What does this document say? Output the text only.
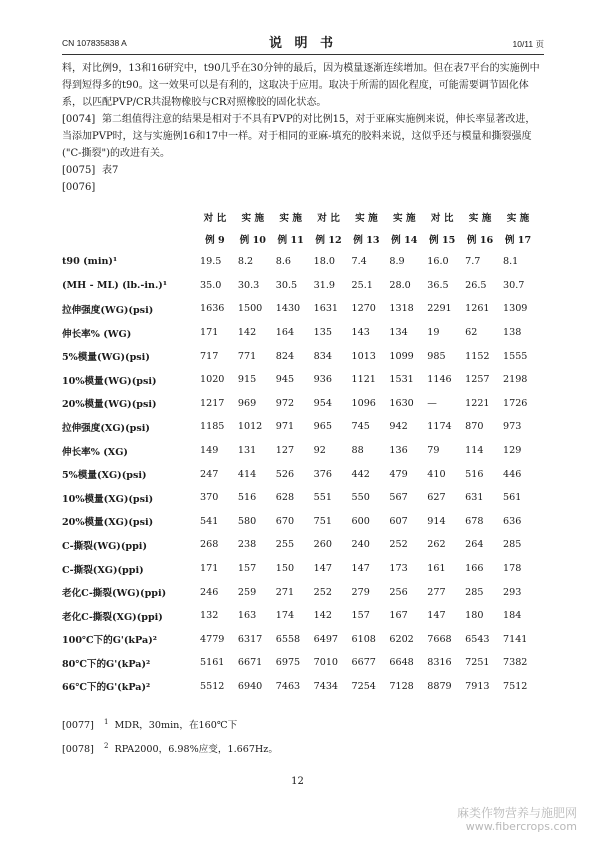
CN 107835838 A	说 明 书	10/11 页

料，对比例9，13和16研究中，t90几乎在30分钟的最后，因为模量逐渐连续增加。但在表7平台的实施例中得到短得多的t90。这一效果可以是有利的，这取决于应用。取决于所需的固化程度，可能需要调节固化体系，以匹配PVP/CR共混物橡胶与CR对照橡胶的固化状态。

[0074] 第二组值得注意的结果是相对于不具有PVP的对比例15，对于亚麻实施例来说，伸长率显著改进，当添加PVP时，这与实施例16和17中一样。对于相同的亚麻-填充的胶料来说，这似乎还与模量和撕裂强度("C-撕裂")的改进有关。

[0075] 表7

[0076]

	对 比	实 施	实 施	对 比	实 施	实 施	对 比	实 施	实 施
	例 9	例 10	例 11	例 12	例 13	例 14	例 15	例 16	例 17
t90 (min)¹	19.5	8.2	8.6	18.0	7.4	8.9	16.0	7.7	8.1
(MH - ML) (lb.-in.)¹	35.0	30.3	30.5	31.9	25.1	28.0	36.5	26.5	30.7
拉伸强度(WG)(psi)	1636	1500	1430	1631	1270	1318	2291	1261	1309
伸长率% (WG)	171	142	164	135	143	134	19	62	138
5%模量(WG)(psi)	717	771	824	834	1013	1099	985	1152	1555
10%模量(WG)(psi)	1020	915	945	936	1121	1531	1146	1257	2198
20%模量(WG)(psi)	1217	969	972	954	1096	1630	—	1221	1726
拉伸强度(XG)(psi)	1185	1012	971	965	745	942	1174	870	973
伸长率% (XG)	149	131	127	92	88	136	79	114	129
5%模量(XG)(psi)	247	414	526	376	442	479	410	516	446
10%模量(XG)(psi)	370	516	628	551	550	567	627	631	561
20%模量(XG)(psi)	541	580	670	751	600	607	914	678	636
C-撕裂(WG)(ppi)	268	238	255	260	240	252	262	264	285
C-撕裂(XG)(ppi)	171	157	150	147	147	173	161	166	178
老化C-撕裂(WG)(ppi)	246	259	271	252	279	256	277	285	293
老化C-撕裂(XG)(ppi)	132	163	174	142	157	167	147	180	184
100℃下的G'(kPa)²	4779	6317	6558	6497	6108	6202	7668	6543	7141
80℃下的G'(kPa)²	5161	6671	6975	7010	6677	6648	8316	7251	7382
66℃下的G'(kPa)²	5512	6940	7463	7434	7254	7128	8879	7913	7512
[0077] $^1$ MDR，30min，在160℃下
[0078] $^2$ RPA2000，6.98%应变，1.667Hz。
12
麻类作物营养与施肥网
www.fibercrops.com
